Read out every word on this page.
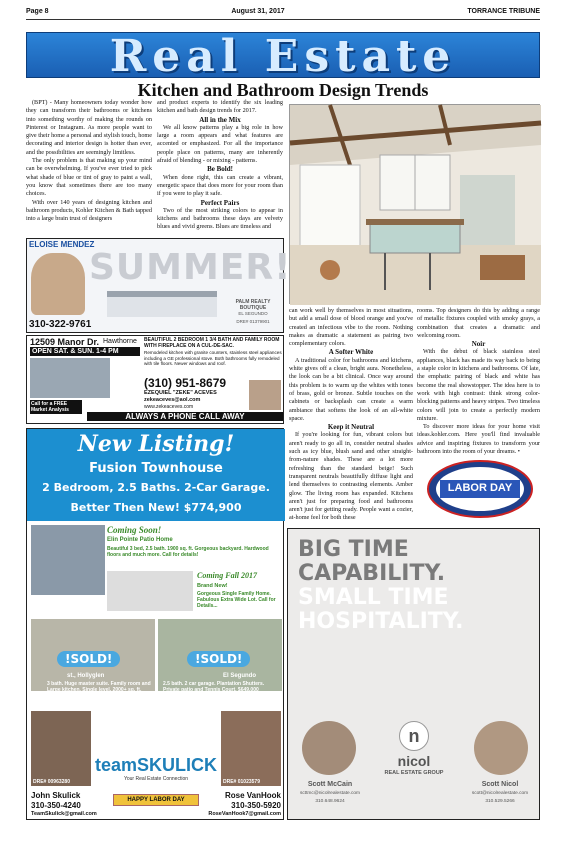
Page 8	August 31, 2017	TORRANCE TRIBUNE
Real Estate
Kitchen and Bathroom Design Trends

(BPT) - Many homeowners today wonder how they can transform their bathrooms or kitchens into something worthy of making the rounds on Pinterest or Instagram. As more people want to give their home a personal and stylish touch, home decorating and interior design is hotter than ever, and the possibilities are seemingly limitless.

The only problem is that making up your mind can be overwhelming. If you've ever tried to pick what shade of blue or tint of gray to paint a wall, you know that sometimes there are too many choices.

With over 140 years of designing kitchen and bathroom products, Kohler Kitchen & Bath tapped into a large brain trust of designers

and product experts to identify the six leading kitchen and bath design trends for 2017.

All in the Mix

We all know patterns play a big role in how large a room appears and what features are accented or emphasized. For all the importance people place on patterns, many are inherently afraid of blending - or mixing - patterns.

Be Bold!

When done right, this can create a vibrant, energetic space that does more for your room than if you were to play it safe.

Perfect Pairs

Two of the most striking colors to appear in kitchens and bathrooms these days are velvety blues and vivid greens. Blues are timeless and

can work well by themselves in most situations, but add a small dose of blood orange and you've created an infectious vibe to the room. Nothing makes as dramatic a statement as pairing two complementary colors.

A Softer White

A traditional color for bathrooms and kitchens, white gives off a clean, bright aura. Nonetheless, the look can be a bit clinical. Once way around this problem is to warm up the whites with tones of brass, gold or bronze. Subtle touches on the cabinets or backsplash can create a warm ambiance that softens the look of an all-white space.

Keep it Neutral

If you're looking for fun, vibrant colors but aren't ready to go all in, consider neutral shades such as icy blue, blush sand and other straight-from-nature shades. These are a lot more refreshing than the standard beige! Such transparent neutrals beautifully diffuse light and lend themselves to contrasting elements. Amber glow. The living room has expanded. Kitchens aren't just for preparing food and bathrooms aren't just for getting ready. People want a cozier, at-home feel for both these

rooms. Top designers do this by adding a range of metallic fixtures coupled with smoky grays, a combination that creates a dramatic and welcoming room.

Noir

With the debut of black stainless steel appliances, black has made its way back to being a staple color in kitchens and bathrooms. Of late, the emphatic pairing of black and white has become the real showstopper. The idea here is to work with high contrast: think strong color-blocking patterns and heavy stripes. Two timeless colors will join to create a perfectly modern mixture.

To discover more ideas for your home visit ideas.kohler.com. Here you'll find invaluable advice and inspiring fixtures to transform your bathroom into the room of your dreams. •

LABOR DAY
ELOISE MENDEZ
SUMMER!
PALM REALTY BOUTIQUE
EL SEGUNDO
DRE# 01379901
310-322-9761
12509 Manor Dr. Hawthorne
OPEN SAT. & SUN. 1-4 PM
BEAUTIFUL 2 BEDROOM 1 3/4 BATH AND FAMILY ROOM WITH FIREPLACE ON A CUL-DE-SAC.
Remodeled kitchen with granite counters, stainless steel appliances including a GE professional stove. Both bathrooms fully remodeled with tile floors. Newer windows and roof.
(310) 951-8679
EZEQUIEL "ZEKE" ACEVES
zekeaceves@aol.com
www.zekeaceves.com
Call for a FREE Market Analysis
ALWAYS A PHONE CALL AWAY
New Listing!
Fusion Townhouse
2 Bedroom, 2.5 Baths. 2-Car Garage.
Better Then New! $774,900
Coming Soon!
Elin Pointe Patio Home
Beautiful 3 bed, 2.5 bath. 1900 sq. ft. Gorgeous backyard. Hardwood floors and much more. Call for details!
Coming Fall 2017
Brand New!
Gorgeous Single Family Home. Fabulous Extra Wide Lot. Call for Details...
!SOLD!	!SOLD!
st., Hollyglen
3 bath. Huge master suite. Family room and Large kitchen. Single level. 2000+ sq. ft.
El Segundo
2.5 bath. 2 car garage. Plantation Shutters. Private patio and Tennis Court. $649,000
DRE# 00963280	DRE# 01023579
teamSKULICK
Your Real Estate Connection
John Skulick
310-350-4240
TeamSkulick@gmail.com
Rose VanHook
310-350-5920
RoseVanHook7@gmail.com
HAPPY LABOR DAY
BIG TIME
CAPABILITY.
SMALL TIME
HOSPITALITY.
n
nicol
REAL ESTATE GROUP
Scott McCain
scttmc@nicolrealestate.com
310.648.9624
Scott Nicol
scott@nicolrealestate.com
310.529.5266
